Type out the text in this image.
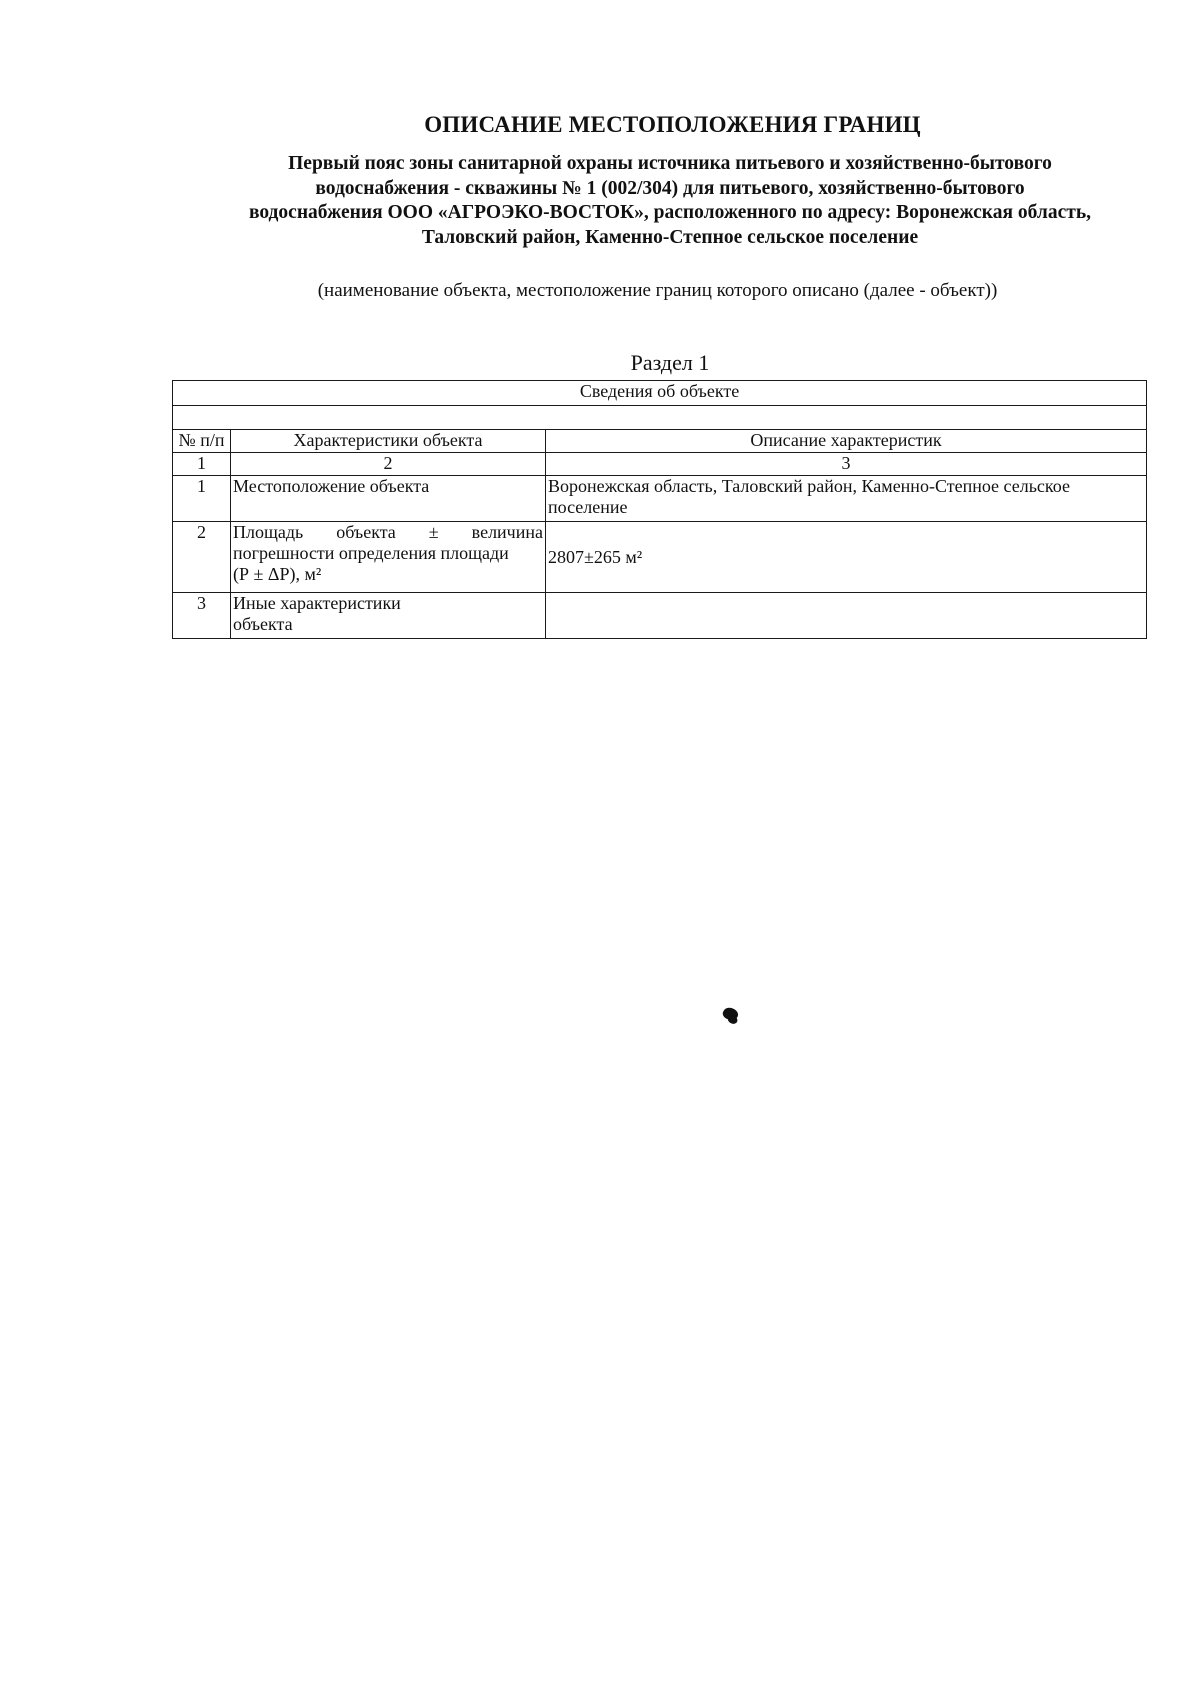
ОПИСАНИЕ МЕСТОПОЛОЖЕНИЯ ГРАНИЦ
Первый пояс зоны санитарной охраны источника питьевого и хозяйственно-бытового
водоснабжения - скважины № 1 (002/304) для питьевого, хозяйственно-бытового
водоснабжения ООО «АГРОЭКО-ВОСТОК», расположенного по адресу: Воронежская область,
Таловский район, Каменно-Степное сельское поселение
(наименование объекта, местоположение границ которого описано (далее - объект))
Раздел 1
Сведения об объекте		

№ п/п	Характеристики объекта	Описание характеристик
1	2	3
1	Местоположение объекта	Воронежская область, Таловский район, Каменно-Степное сельское поселение
2	Площадь объекта ± величина
погрешности определения площади
(Р ± ΔР), м²	2807±265 м²
3	Иные характеристики
объекта	
